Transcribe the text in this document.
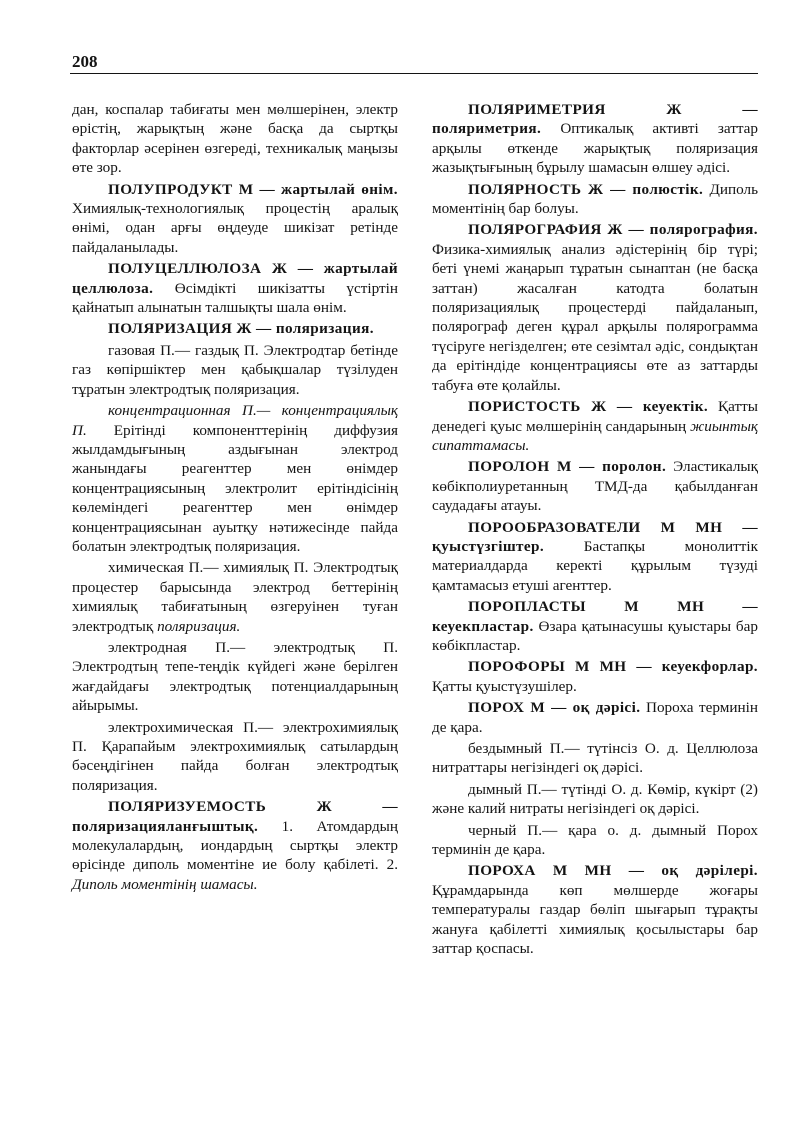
208

дан, коспалар табиғаты мен мөлшерінен, электр өрістің, жарықтың және басқа да сыртқы факторлар әсерінен өзгереді, техникалық маңызы өте зор.

ПОЛУПРОДУКТ М — жартылай өнім. Химиялық-технологиялық процестің аралық өнімі, одан арғы өңдеуде шикізат ретінде пайдаланылады.

ПОЛУЦЕЛЛЮЛОЗА Ж — жартылай целлюлоза. Өсімдікті шикізатты үстіртін қайнатып алынатын талшықты шала өнім.

ПОЛЯРИЗАЦИЯ Ж — поляризация.

газовая П.— газдық П. Электродтар бетінде газ көпіршіктер мен қабықшалар түзілуден тұратын электродтық поляризация.

концентрационная П.— концентрациялық П. Ерітінді компоненттерінің диффузия жылдамдығының аздығынан электрод жанындағы реагенттер мен өнімдер концентрациясының электролит ерітіндісінің көлеміндегі реагенттер мен өнімдер концентрациясынан ауытқу нәтижесінде пайда болатын электродтық поляризация.

химическая П.— химиялық П. Электродтық процестер барысында электрод беттерінің химиялық табиғатының өзгеруінен туған электродтық поляризация.

электродная П.— электродтық П. Электродтың тепе-теңдік күйдегі және берілген жағдайдағы электродтық потенциалдарының айырымы.

электрохимическая П.— электрохимиялық П. Қарапайым электрохимиялық сатылардың бәсеңдігінен пайда болған электродтық поляризация.

ПОЛЯРИЗУЕМОСТЬ Ж — поляризацияланғыштық. 1. Атомдардың молекулалардың, иондардың сыртқы электр өрісінде диполь моментіне ие болу қабілеті. 2. Диполь моментінің шамасы.

ПОЛЯРИМЕТРИЯ Ж — поляриметрия. Оптикалық активті заттар арқылы өткенде жарықтық поляризация жазықтығының бұрылу шамасын өлшеу әдісі.

ПОЛЯРНОСТЬ Ж — полюстік. Диполь моментінің бар болуы.

ПОЛЯРОГРАФИЯ Ж — полярография. Физика-химиялық анализ әдістерінің бір түрі; беті үнемі жаңарып тұратын сынаптан (не басқа заттан) жасалған катодта болатын поляризациялық процестерді пайдаланып, полярограф деген құрал арқылы полярограмма түсіруге негізделген; өте сезімтал әдіс, сондықтан да ерітіндіде концентрациясы өте аз заттарды табуға өте қолайлы.

ПОРИСТОСТЬ Ж — кеуектік. Қатты денедегі қуыс мөлшерінің сандарының жиынтық сипаттамасы.

ПОРОЛОН М — поролон. Эластикалық көбікполиуретанның ТМД-да қабылданған саудадағы атауы.

ПОРООБРАЗОВАТЕЛИ М МН — қуыстүзгіштер. Бастапқы монолиттік материалдарда керекті құрылым түзуді қамтамасыз етуші агенттер.

ПОРОПЛАСТЫ М МН — кеуекпластар. Өзара қатынасушы қуыстары бар көбікпластар.

ПОРОФОРЫ М МН — кеуекфорлар. Қатты қуыстүзушілер.

ПОРОХ М — оқ дәрісі. Пороха терминін де қара.

бездымный П.— түтінсіз О. д. Целлюлоза нитраттары негізіндегі оқ дәрісі.

дымный П.— түтінді О. д. Көмір, күкірт (2) және калий нитраты негізіндегі оқ дәрісі.

черный П.— қара о. д. дымный Порох терминін де қара.

ПОРОХА М МН — оқ дәрілері. Құрамдарында көп мөлшерде жоғары температуралы газдар бөліп шығарып тұрақты жануға қабілетті химиялық қосылыстары бар заттар қоспасы.
